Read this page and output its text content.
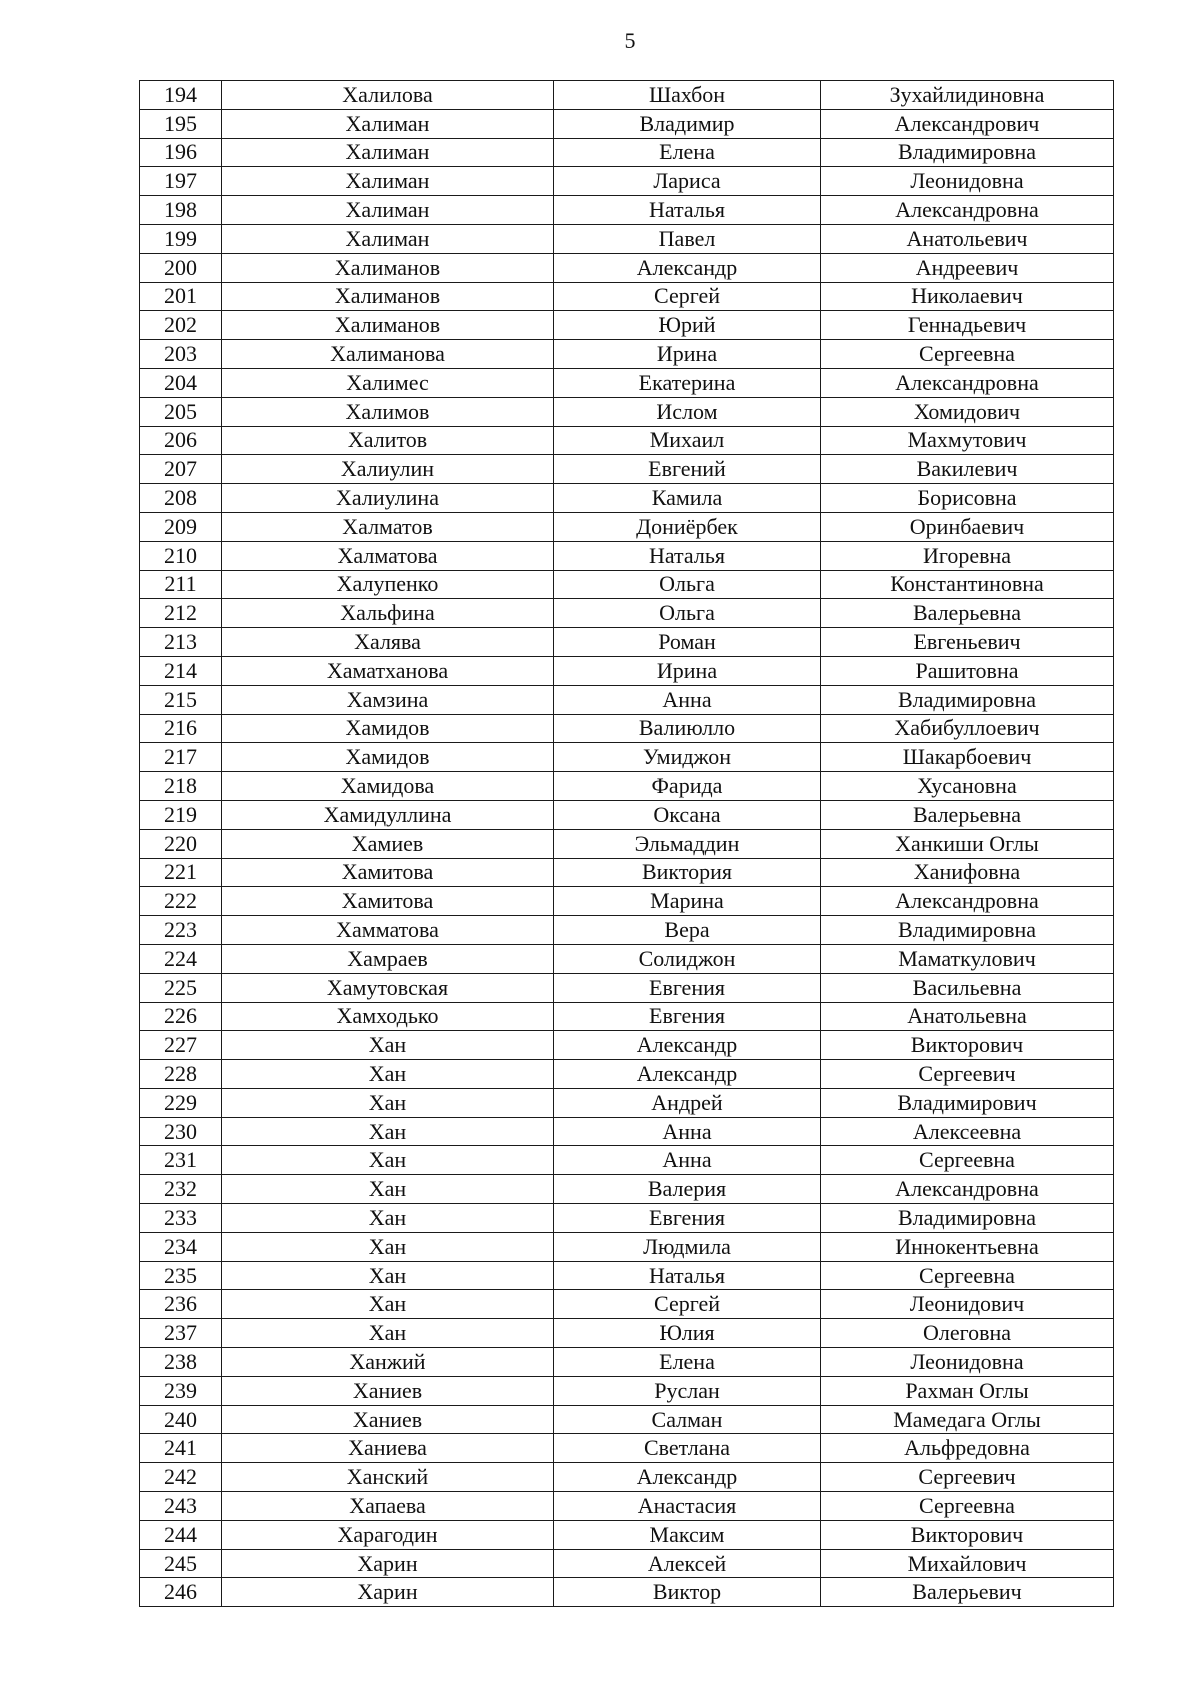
5
194	Халилова	Шахбон	Зухайлидиновна
195	Халиман	Владимир	Александрович
196	Халиман	Елена	Владимировна
197	Халиман	Лариса	Леонидовна
198	Халиман	Наталья	Александровна
199	Халиман	Павел	Анатольевич
200	Халиманов	Александр	Андреевич
201	Халиманов	Сергей	Николаевич
202	Халиманов	Юрий	Геннадьевич
203	Халиманова	Ирина	Сергеевна
204	Халимес	Екатерина	Александровна
205	Халимов	Ислом	Хомидович
206	Халитов	Михаил	Махмутович
207	Халиулин	Евгений	Вакилевич
208	Халиулина	Камила	Борисовна
209	Халматов	Дониёрбек	Оринбаевич
210	Халматова	Наталья	Игоревна
211	Халупенко	Ольга	Константиновна
212	Хальфина	Ольга	Валерьевна
213	Халява	Роман	Евгеньевич
214	Хаматханова	Ирина	Рашитовна
215	Хамзина	Анна	Владимировна
216	Хамидов	Валиюлло	Хабибуллоевич
217	Хамидов	Умиджон	Шакарбоевич
218	Хамидова	Фарида	Хусановна
219	Хамидуллина	Оксана	Валерьевна
220	Хамиев	Эльмаддин	Ханкиши Оглы
221	Хамитова	Виктория	Ханифовна
222	Хамитова	Марина	Александровна
223	Хамматова	Вера	Владимировна
224	Хамраев	Солиджон	Маматкулович
225	Хамутовская	Евгения	Васильевна
226	Хамходько	Евгения	Анатольевна
227	Хан	Александр	Викторович
228	Хан	Александр	Сергеевич
229	Хан	Андрей	Владимирович
230	Хан	Анна	Алексеевна
231	Хан	Анна	Сергеевна
232	Хан	Валерия	Александровна
233	Хан	Евгения	Владимировна
234	Хан	Людмила	Иннокентьевна
235	Хан	Наталья	Сергеевна
236	Хан	Сергей	Леонидович
237	Хан	Юлия	Олеговна
238	Ханжий	Елена	Леонидовна
239	Ханиев	Руслан	Рахман Оглы
240	Ханиев	Салман	Мамедага Оглы
241	Ханиева	Светлана	Альфредовна
242	Ханский	Александр	Сергеевич
243	Хапаева	Анастасия	Сергеевна
244	Харагодин	Максим	Викторович
245	Харин	Алексей	Михайлович
246	Харин	Виктор	Валерьевич
